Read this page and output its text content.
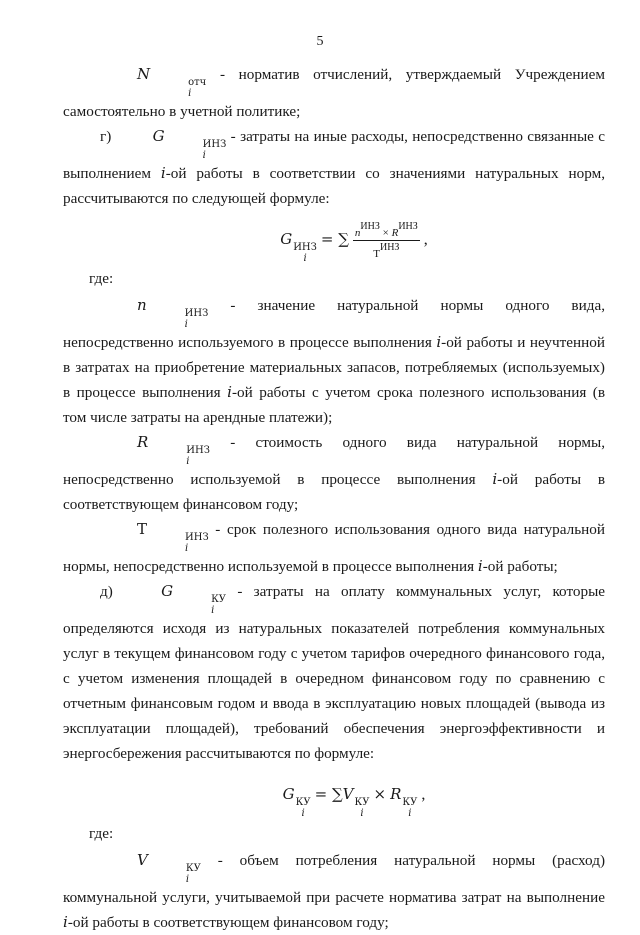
5

N	отч
i
- норматив отчислений, утверждаемый Учреждением самостоятельно в учетной политике;

г)	G	ИНЗ
i
- затраты на иные расходы, непосредственно связанные с выполнением i-ой работы в соответствии со значениями натуральных норм, рассчитываются по следующей формуле:

G ИНЗ
i
= ∑ $\frac{\text{nИНЗ × RИНЗ}}{\text{ТИНЗ}}$ ,

где:

n	ИНЗ
i
- значение натуральной нормы одного вида, непосредственно используемого в процессе выполнения i-ой работы и неучтенной в затратах на приобретение материальных запасов, потребляемых (используемых) в процессе выполнения i-ой работы с учетом срока полезного использования (в том числе затраты на арендные платежи);

R	ИНЗ
i
- стоимость одного вида натуральной нормы, непосредственно используемой в процессе выполнения i-ой работы в соответствующем финансовом году;

Т	ИНЗ
i
- срок полезного использования одного вида натуральной нормы, непосредственно используемой в процессе выполнения i-ой работы;

д)	G	КУ
i
- затраты на оплату коммунальных услуг, которые определяются исходя из натуральных показателей потребления коммунальных услуг в текущем финансовом году с учетом тарифов очередного финансового года, с учетом изменения площадей в очередном финансовом году по сравнению с отчетным финансовым годом и ввода в эксплуатацию новых площадей (вывода из эксплуатации площадей), требований обеспечения энергоэффективности и энергосбережения рассчитываются по формуле:

G КУ
i
= ∑V КУ
i
× R КУ
i
,

где:

V	КУ
i
- объем потребления натуральной нормы (расход) коммунальной услуги, учитываемой при расчете норматива затрат на выполнение i-ой работы в соответствующем финансовом году;
